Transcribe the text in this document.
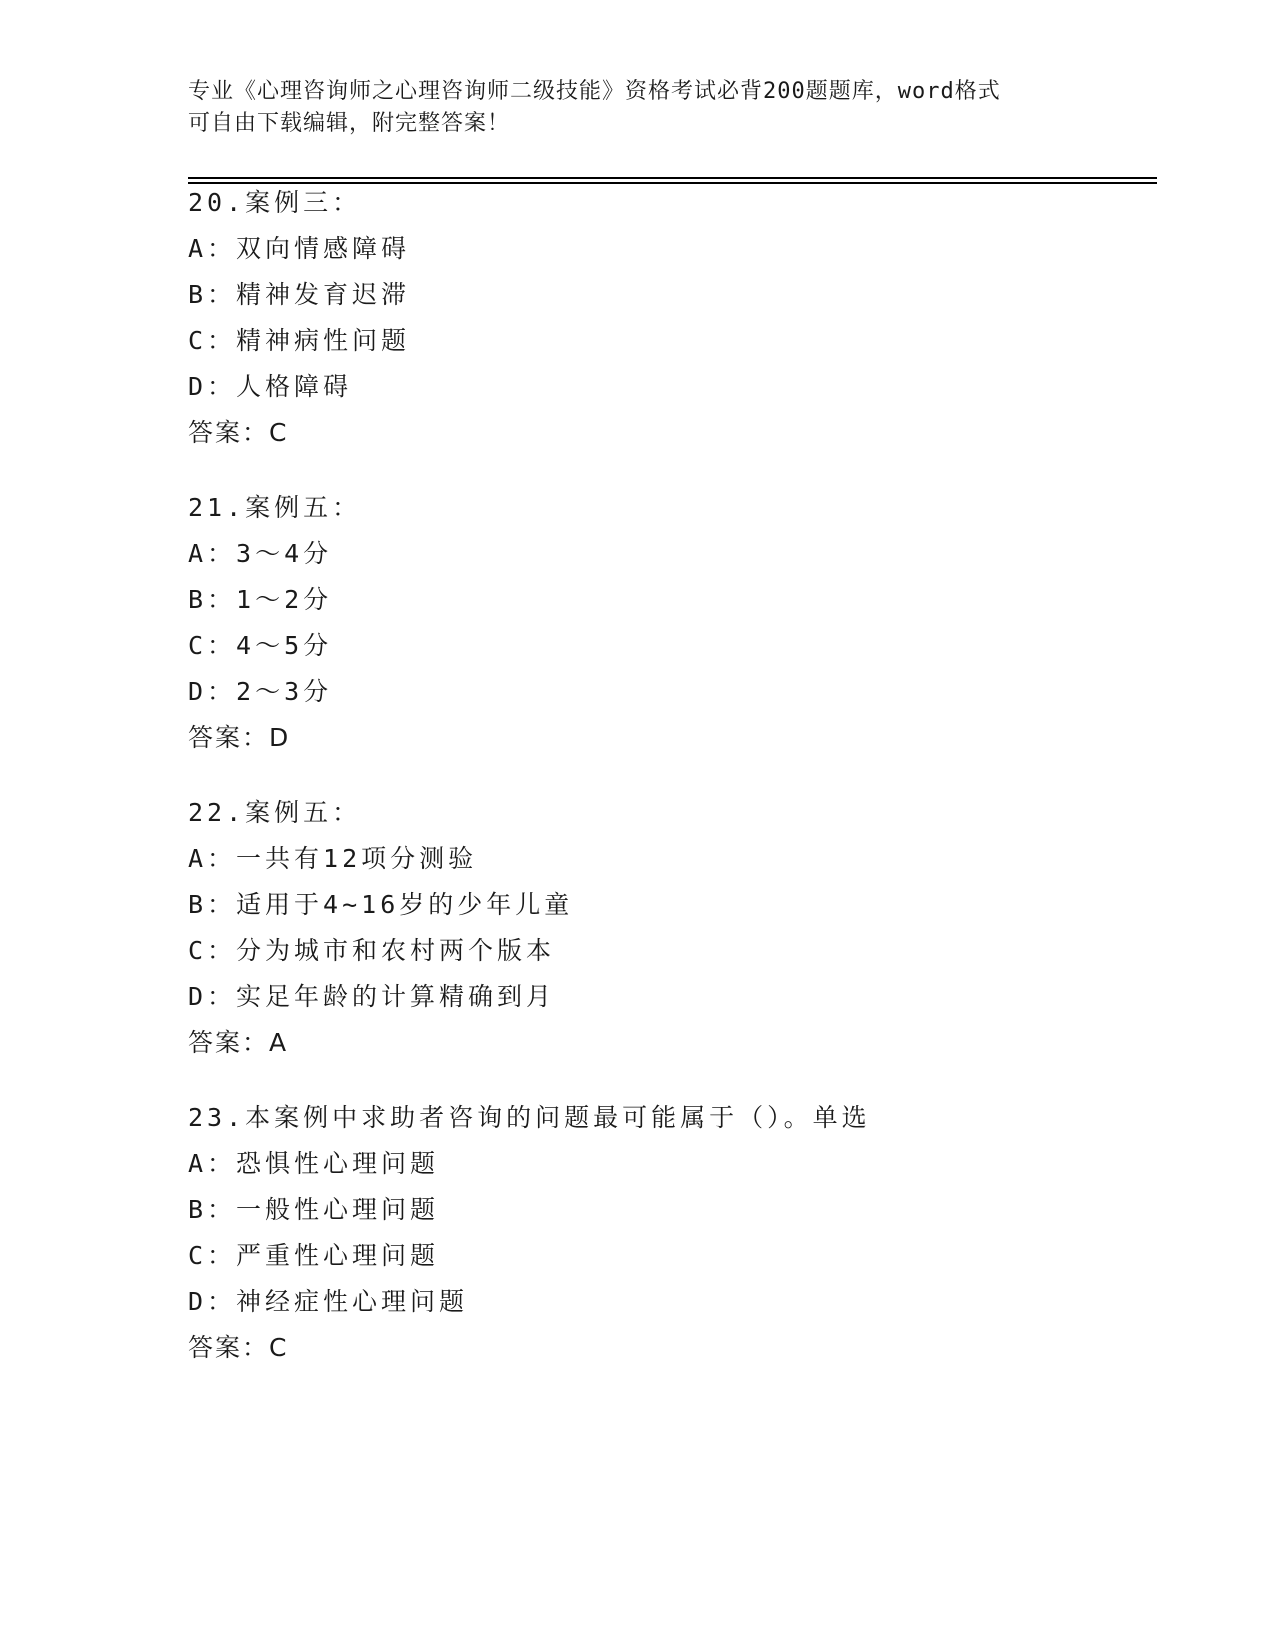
专业《心理咨询师之心理咨询师二级技能》资格考试必背200题题库，word格式
可自由下载编辑，附完整答案！
20.案例三：
A：双向情感障碍
B：精神发育迟滞
C：精神病性问题
D：人格障碍
答案：C
21.案例五：
A：3～4分
B：1～2分
C：4～5分
D：2～3分
答案：D
22.案例五：
A：一共有12项分测验
B：适用于4~16岁的少年儿童
C：分为城市和农村两个版本
D：实足年龄的计算精确到月
答案：A
23.本案例中求助者咨询的问题最可能属于（）。单选
A：恐惧性心理问题
B：一般性心理问题
C：严重性心理问题
D：神经症性心理问题
答案：C
